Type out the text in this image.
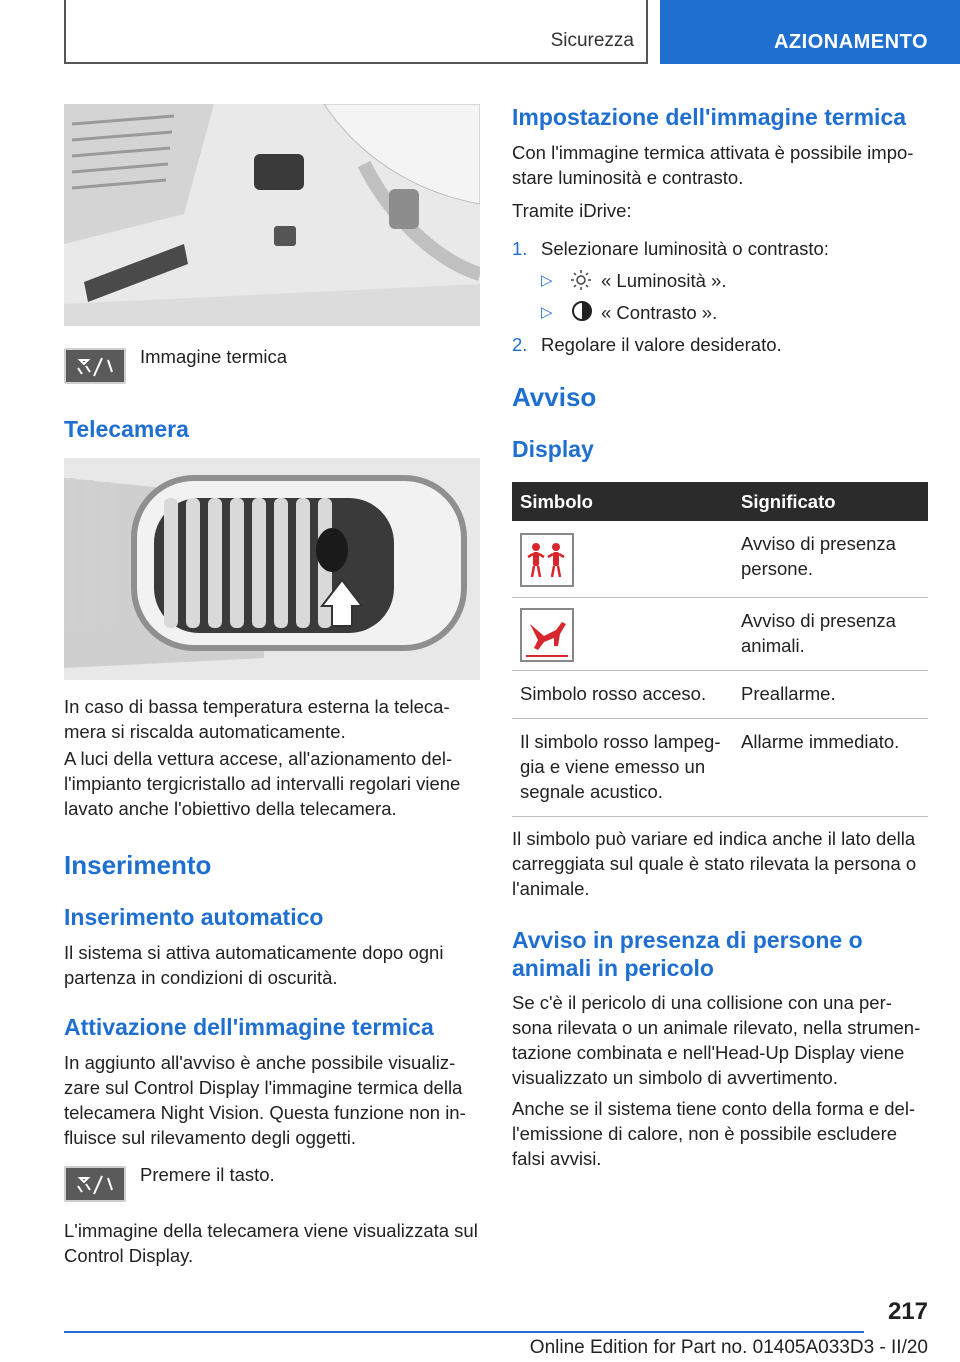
Sicurezza	AZIONAMENTO

Immagine termica

Telecamera

In caso di bassa temperatura esterna la teleca-mera si riscalda automaticamente.

A luci della vettura accese, all'azionamento del-l'impianto tergicristallo ad intervalli regolari viene lavato anche l'obiettivo della telecamera.

Inserimento
Inserimento automatico

Il sistema si attiva automaticamente dopo ogni partenza in condizioni di oscurità.

Attivazione dell'immagine termica

In aggiunto all'avviso è anche possibile visualiz-zare sul Control Display l'immagine termica della telecamera Night Vision. Questa funzione non in-fluisce sul rilevamento degli oggetti.

Premere il tasto.

L'immagine della telecamera viene visualizzata sul Control Display.

Impostazione dell'immagine termica

Con l'immagine termica attivata è possibile impo-stare luminosità e contrasto.

Tramite iDrive:

1. Selezionare luminosità o contrasto:

▷	« Luminosità ».

▷	« Contrasto ».

2. Regolare il valore desiderato.

Avviso
Display
Simbolo	Significato

	Avviso di presenza persone.

	Avviso di presenza animali.
Simbolo rosso acceso.	Preallarme.
Il simbolo rosso lampeg-gia e viene emesso un segnale acustico.	Allarme immediato.

Il simbolo può variare ed indica anche il lato della carreggiata sul quale è stato rilevata la persona o l'animale.

Avviso in presenza di persone o animali in pericolo

Se c'è il pericolo di una collisione con una per-sona rilevata o un animale rilevato, nella strumen-tazione combinata e nell'Head-Up Display viene visualizzato un simbolo di avvertimento.

Anche se il sistema tiene conto della forma e del-l'emissione di calore, non è possibile escludere falsi avvisi.

217
Online Edition for Part no. 01405A033D3 - II/20
